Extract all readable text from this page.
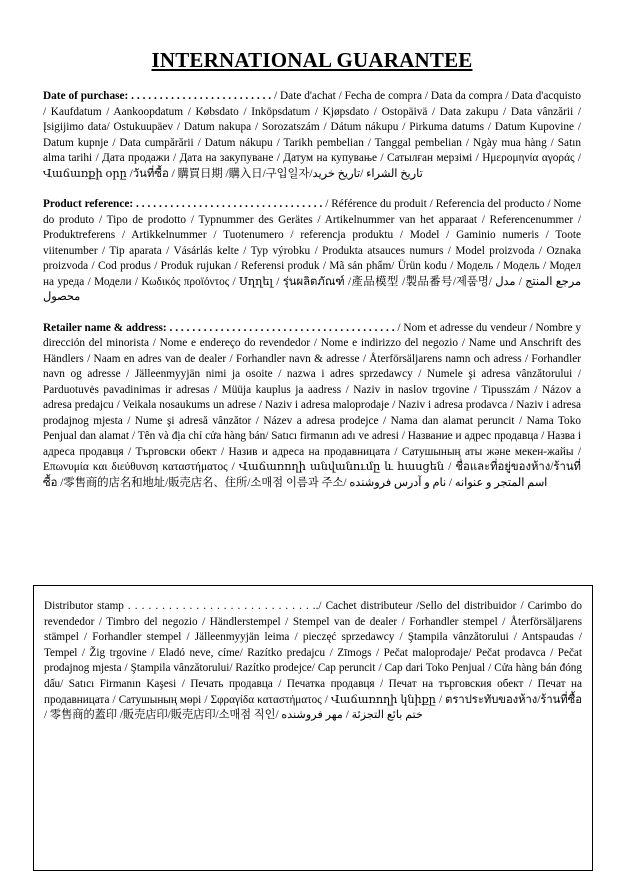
INTERNATIONAL GUARANTEE

Date of purchase: . . . . . . . . . . . . . . . . . . . . . . . . . / Date d'achat / Fecha de compra / Data da compra / Data d'acquisto / Kaufdatum / Aankoopdatum / Købsdato / Inköpsdatum / Kjøpsdato / Ostopäivä / Data zakupu / Data vânzării / Įsigijimo data/ Ostukuupäev / Datum nakupa / Sorozatszám / Dátum nákupu / Pirkuma datums / Datum Kupovine / Datum kupnje / Data cumpărării / Datum nákupu / Tarikh pembelian / Tanggal pembelian / Ngày mua hàng / Satın alma tarihi / Дата продажи / Дата на закупуване / Датум на купување / Сатылған мерзімі / Ημερομηνία αγοράς /Վաճառքի օրը /วันที่ซื้อ / 購買日期 /購入日/구입일자/تاريخ الشراء /تاريخ خريد

Product reference: . . . . . . . . . . . . . . . . . . . . . . . . . . . . . . . . . / Référence du produit / Referencia del producto / Nome do produto / Tipo de prodotto / Typnummer des Gerätes / Artikelnummer van het apparaat / Referencenummer / Produktreferens / Artikkelnummer / Tuotenumero / referencja produktu / Model / Gaminio numeris / Toote viitenumber / Tip aparata / Vásárlás kelte / Typ výrobku / Produkta atsauces numurs / Model proizvoda / Oznaka proizvoda / Cod produs / Produk rujukan / Referensi produk / Mã sản phẩm/ Ürün kodu / Модель / Модель / Модел на уреда / Модели / Κωδικός προϊόντος / Սղղել / รุ่นผลิตภัณฑ์ /產品模型 /製品番号/제품명/ مرجع المنتج / مدل محصول

Retailer name & address: . . . . . . . . . . . . . . . . . . . . . . . . . . . . . . . . . . . . . . . . / Nom et adresse du vendeur / Nombre y dirección del minorista / Nome e endereço do revendedor / Nome e indirizzo del negozio / Name und Anschrift des Händlers / Naam en adres van de dealer / Forhandler navn & adresse / Återförsäljarens namn och adress / Forhandler navn og adresse / Jälleenmyyjän nimi ja osoite / nazwa i adres sprzedawcy / Numele şi adresa vânzătorului / Parduotuvės pavadinimas ir adresas / Müüja kauplus ja aadress / Naziv in naslov trgovine / Tipusszám / Názov a adresa predajcu / Veikala nosaukums un adrese / Naziv i adresa maloprodaje / Naziv i adresa prodavca / Naziv i adresa prodajnog mjesta / Nume şi adresă vânzător / Název a adresa prodejce / Nama dan alamat peruncit / Nama Toko Penjual dan alamat / Tên và địa chỉ cửa hàng bán/ Satıcı firmanın adı ve adresi / Название и адрес продавца / Назва і адреса продавця / Търговски обект / Назив и адреса на продавницата / Сатушының аты және мекен-жайы / Επωνυμία και διεύθυνση καταστήματος / Վաճառողի անվանումը և հասցեն / ชื่อและที่อยู่ของห้าง/ร้านที่ซื้อ /零售商的店名和地址/販売店名、住所/소매점 이름과 주소/ اسم المتجر و عنوانه / نام و آدرس فروشنده

Distributor stamp . . . . . . . . . . . . . . . . . . . . . . . . . . . ../ Cachet distributeur /Sello del distribuidor / Carimbo do revendedor / Timbro del negozio / Händlerstempel / Stempel van de dealer / Forhandler stempel / Återförsäljarens stämpel / Forhandler stempel / Jälleenmyyjän leima / pieczęć sprzedawcy / Ştampila vânzătorului / Antspaudas / Tempel / Žig trgovine / Eladó neve, címe/ Razítko predajcu / Zīmogs / Pečat maloprodaje/ Pečat prodavca / Pečat prodajnog mjesta / Ştampila vânzătorului/ Razítko prodejce/ Cap peruncit / Cap dari Toko Penjual / Cửa hàng bán đóng dấu/ Satıcı Firmanın Kaşesi / Печать продавца / Печатка продавця / Печат на търговския обект / Печат на продавницата / Сатушының мөрі / Σφραγίδα καταστήματος / Վաճառողի կնիքը / ตราประทับของห้าง/ร้านที่ซื้อ / 零售商的蓋印 /販売店印/販売店印/소매점 직인/ ختم بائع التجزئة / مهر فروشنده
